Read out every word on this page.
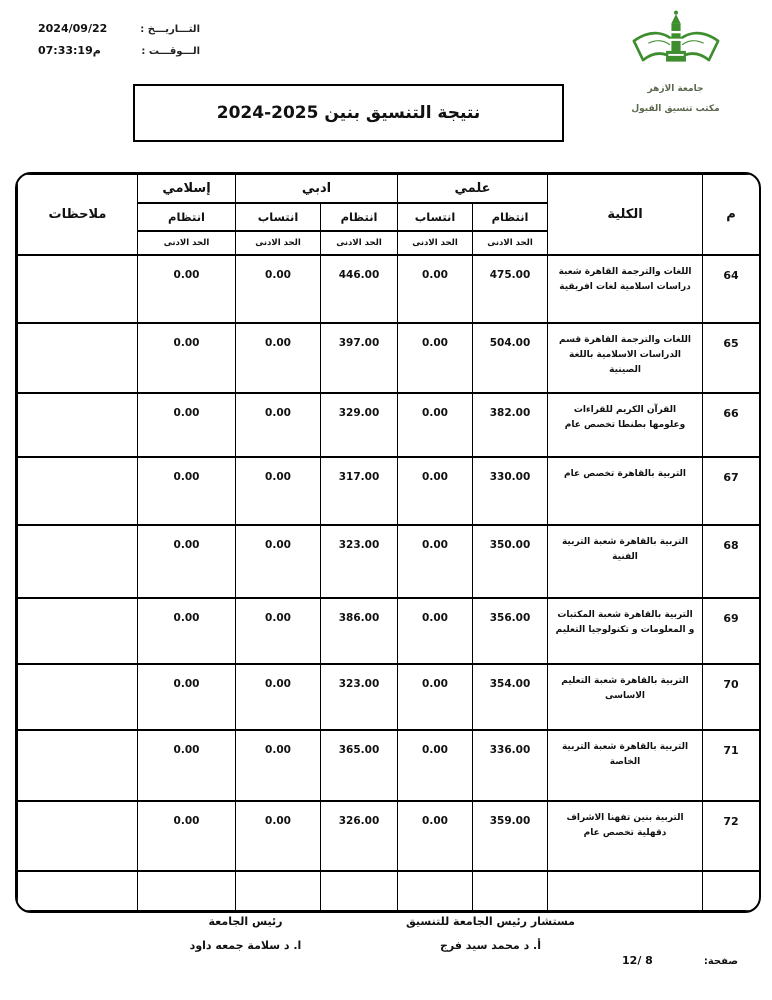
التـــاريـــخ :
2024/09/22
الـــوقـــت :
م07:33:19
جامعة الازهر
مكتب تنسيق القبول
نتيجة التنسيق بنين 2025-2024
م	الكلية	علمي		ادبي		إسلامي	ملاحظات
		انتظام	انتساب	انتظام	انتساب	انتظام	
		الحد الادنى	الحد الادنى	الحد الادنى	الحد الادنى	الحد الادنى	
64	اللغات والترجمة القاهرة شعبة دراسات اسلامية لغات افريقية	475.00	0.00	446.00	0.00	0.00	
65	اللغات والترجمة القاهرة قسم الدراسات الاسلامية باللغة الصينية	504.00	0.00	397.00	0.00	0.00	
66	القرآن الكريم للقراءات وعلومها بطنطا تخصص عام	382.00	0.00	329.00	0.00	0.00	
67	التربية بالقاهرة تخصص عام	330.00	0.00	317.00	0.00	0.00	
68	التربية بالقاهرة شعبة التربية الفنية	350.00	0.00	323.00	0.00	0.00	
69	التربية بالقاهرة شعبة المكتبات و المعلومات و تكنولوجيا التعليم	356.00	0.00	386.00	0.00	0.00	
70	التربية بالقاهرة شعبة التعليم الاساسى	354.00	0.00	323.00	0.00	0.00	
71	التربية بالقاهرة شعبة التربية الخاصة	336.00	0.00	365.00	0.00	0.00	
72	التربية بنين تفهنا الاشراف دقهلية تخصص عام	359.00	0.00	326.00	0.00	0.00	

مستشار رئيس الجامعة للتنسيق
أ. د محمد سيد فرج
رئيس الجامعة
ا. د سلامة جمعه داود
صفحة:
8 /12
